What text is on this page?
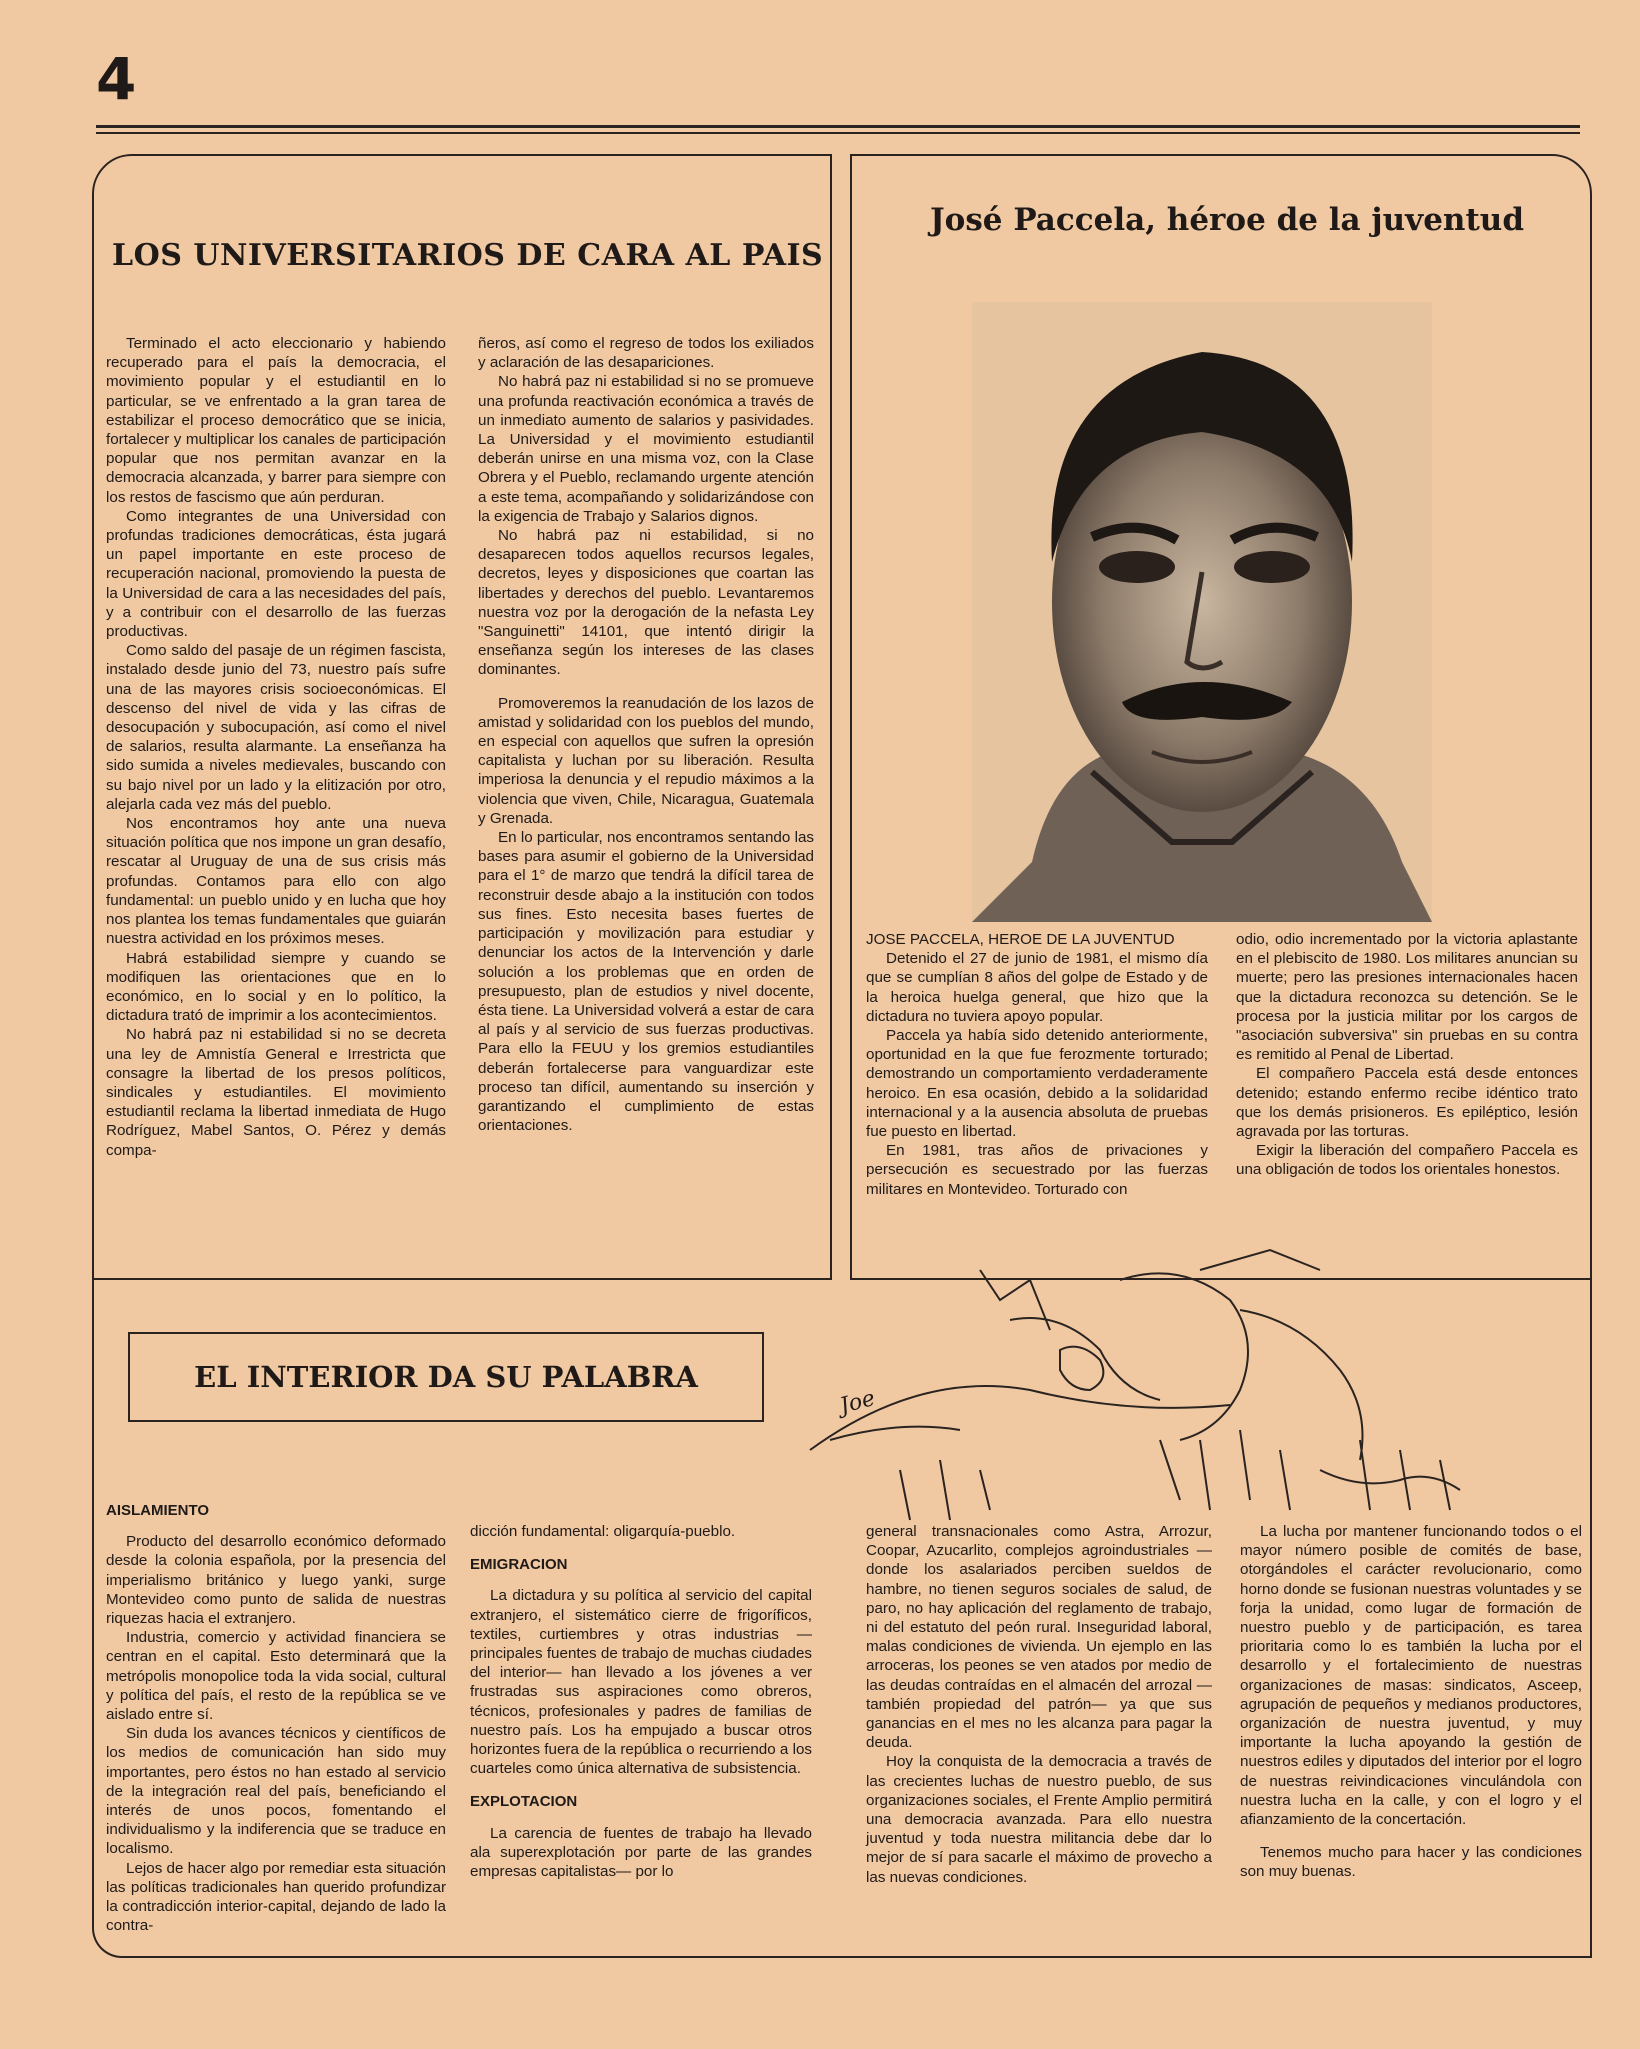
4
LOS UNIVERSITARIOS DE CARA AL PAIS

Terminado el acto eleccionario y habiendo recuperado para el país la democracia, el movimiento popular y el estudiantil en lo particular, se ve enfrentado a la gran tarea de estabilizar el proceso democrático que se inicia, fortalecer y multiplicar los canales de participación popular que nos permitan avanzar en la democracia alcanzada, y barrer para siempre con los restos de fascismo que aún perduran.

Como integrantes de una Universidad con profundas tradiciones democráticas, ésta jugará un papel importante en este proceso de recuperación nacional, promoviendo la puesta de la Universidad de cara a las necesidades del país, y a contribuir con el desarrollo de las fuerzas productivas.

Como saldo del pasaje de un régimen fascista, instalado desde junio del 73, nuestro país sufre una de las mayores crisis socioeconómicas. El descenso del nivel de vida y las cifras de desocupación y subocupación, así como el nivel de salarios, resulta alarmante. La enseñanza ha sido sumida a niveles medievales, buscando con su bajo nivel por un lado y la elitización por otro, alejarla cada vez más del pueblo.

Nos encontramos hoy ante una nueva situación política que nos impone un gran desafío, rescatar al Uruguay de una de sus crisis más profundas. Contamos para ello con algo fundamental: un pueblo unido y en lucha que hoy nos plantea los temas fundamentales que guiarán nuestra actividad en los próximos meses.

Habrá estabilidad siempre y cuando se modifiquen las orientaciones que en lo económico, en lo social y en lo político, la dictadura trató de imprimir a los acontecimientos.

No habrá paz ni estabilidad si no se decreta una ley de Amnistía General e Irrestricta que consagre la libertad de los presos políticos, sindicales y estudiantiles. El movimiento estudiantil reclama la libertad inmediata de Hugo Rodríguez, Mabel Santos, O. Pérez y demás compa-

ñeros, así como el regreso de todos los exiliados y aclaración de las desapariciones.

No habrá paz ni estabilidad si no se promueve una profunda reactivación económica a través de un inmediato aumento de salarios y pasividades. La Universidad y el movimiento estudiantil deberán unirse en una misma voz, con la Clase Obrera y el Pueblo, reclamando urgente atención a este tema, acompañando y solidarizándose con la exigencia de Trabajo y Salarios dignos.

No habrá paz ni estabilidad, si no desaparecen todos aquellos recursos legales, decretos, leyes y disposiciones que coartan las libertades y derechos del pueblo. Levantaremos nuestra voz por la derogación de la nefasta Ley "Sanguinetti" 14101, que intentó dirigir la enseñanza según los intereses de las clases dominantes.

Promoveremos la reanudación de los lazos de amistad y solidaridad con los pueblos del mundo, en especial con aquellos que sufren la opresión capitalista y luchan por su liberación. Resulta imperiosa la denuncia y el repudio máximos a la violencia que viven, Chile, Nicaragua, Guatemala y Grenada.

En lo particular, nos encontramos sentando las bases para asumir el gobierno de la Universidad para el 1° de marzo que tendrá la difícil tarea de reconstruir desde abajo a la institución con todos sus fines. Esto necesita bases fuertes de participación y movilización para estudiar y denunciar los actos de la Intervención y darle solución a los problemas que en orden de presupuesto, plan de estudios y nivel docente, ésta tiene. La Universidad volverá a estar de cara al país y al servicio de sus fuerzas productivas. Para ello la FEUU y los gremios estudiantiles deberán fortalecerse para vanguardizar este proceso tan difícil, aumentando su inserción y garantizando el cumplimiento de estas orientaciones.

José Paccela, héroe de la juventud

JOSE PACCELA, HEROE DE LA JUVENTUD

Detenido el 27 de junio de 1981, el mismo día que se cumplían 8 años del golpe de Estado y de la heroica huelga general, que hizo que la dictadura no tuviera apoyo popular.

Paccela ya había sido detenido anteriormente, oportunidad en la que fue ferozmente torturado; demostrando un comportamiento verdaderamente heroico. En esa ocasión, debido a la solidaridad internacional y a la ausencia absoluta de pruebas fue puesto en libertad.

En 1981, tras años de privaciones y persecución es secuestrado por las fuerzas militares en Montevideo. Torturado con

odio, odio incrementado por la victoria aplastante en el plebiscito de 1980. Los militares anuncian su muerte; pero las presiones internacionales hacen que la dictadura reconozca su detención. Se le procesa por la justicia militar por los cargos de "asociación subversiva" sin pruebas en su contra es remitido al Penal de Libertad.

El compañero Paccela está desde entonces detenido; estando enfermo recibe idéntico trato que los demás prisioneros. Es epiléptico, lesión agravada por las torturas.

Exigir la liberación del compañero Paccela es una obligación de todos los orientales honestos.

EL INTERIOR DA SU PALABRA
Joe

AISLAMIENTO

Producto del desarrollo económico deformado desde la colonia española, por la presencia del imperialismo británico y luego yanki, surge Montevideo como punto de salida de nuestras riquezas hacia el extranjero.

Industria, comercio y actividad financiera se centran en el capital. Esto determinará que la metrópolis monopolice toda la vida social, cultural y política del país, el resto de la república se ve aislado entre sí.

Sin duda los avances técnicos y científicos de los medios de comunicación han sido muy importantes, pero éstos no han estado al servicio de la integración real del país, beneficiando el interés de unos pocos, fomentando el individualismo y la indiferencia que se traduce en localismo.

Lejos de hacer algo por remediar esta situación las políticas tradicionales han querido profundizar la contradicción interior-capital, dejando de lado la contra-

dicción fundamental: oligarquía-pueblo.

EMIGRACION

La dictadura y su política al servicio del capital extranjero, el sistemático cierre de frigoríficos, textiles, curtiembres y otras industrias —principales fuentes de trabajo de muchas ciudades del interior— han llevado a los jóvenes a ver frustradas sus aspiraciones como obreros, técnicos, profesionales y padres de familias de nuestro país. Los ha empujado a buscar otros horizontes fuera de la república o recurriendo a los cuarteles como única alternativa de subsistencia.

EXPLOTACION

La carencia de fuentes de trabajo ha llevado ala superexplotación por parte de las grandes empresas capitalistas— por lo

general transnacionales como Astra, Arrozur, Coopar, Azucarlito, complejos agroindustriales —donde los asalariados perciben sueldos de hambre, no tienen seguros sociales de salud, de paro, no hay aplicación del reglamento de trabajo, ni del estatuto del peón rural. Inseguridad laboral, malas condiciones de vivienda. Un ejemplo en las arroceras, los peones se ven atados por medio de las deudas contraídas en el almacén del arrozal —también propiedad del patrón— ya que sus ganancias en el mes no les alcanza para pagar la deuda.

Hoy la conquista de la democracia a través de las crecientes luchas de nuestro pueblo, de sus organizaciones sociales, el Frente Amplio permitirá una democracia avanzada. Para ello nuestra juventud y toda nuestra militancia debe dar lo mejor de sí para sacarle el máximo de provecho a las nuevas condiciones.

La lucha por mantener funcionando todos o el mayor número posible de comités de base, otorgándoles el carácter revolucionario, como horno donde se fusionan nuestras voluntades y se forja la unidad, como lugar de formación de nuestro pueblo y de participación, es tarea prioritaria como lo es también la lucha por el desarrollo y el fortalecimiento de nuestras organizaciones de masas: sindicatos, Asceep, agrupación de pequeños y medianos productores, organización de nuestra juventud, y muy importante la lucha apoyando la gestión de nuestros ediles y diputados del interior por el logro de nuestras reivindicaciones vinculándola con nuestra lucha en la calle, y con el logro y el afianzamiento de la concertación.

Tenemos mucho para hacer y las condiciones son muy buenas.
